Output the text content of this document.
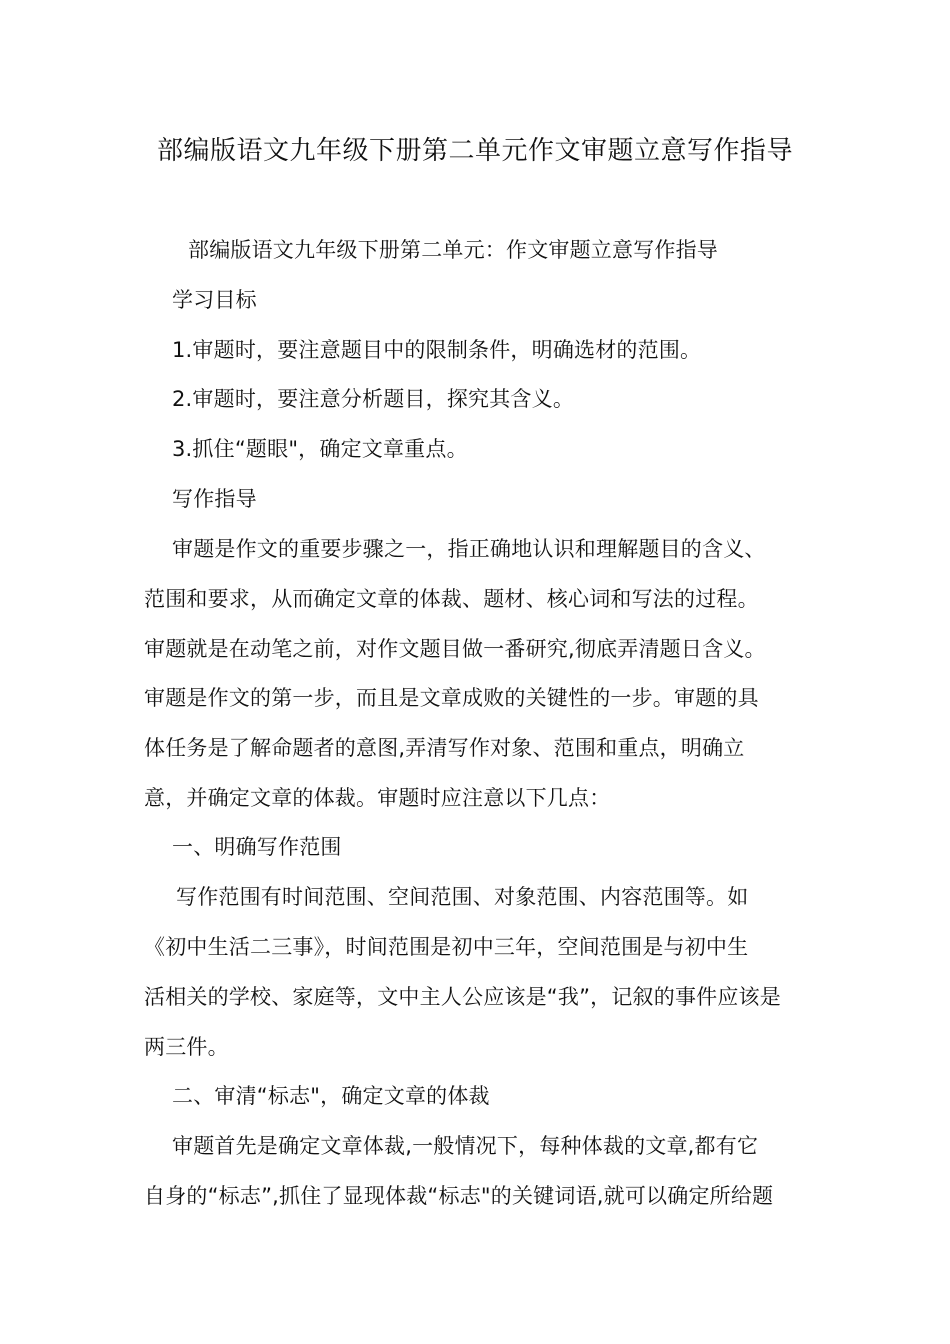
部编版语文九年级下册第二单元作文审题立意写作指导
部编版语文九年级下册第二单元：作文审题立意写作指导
学习目标
1.审题时，要注意题目中的限制条件，明确选材的范围。
2.审题时，要注意分析题目，探究其含义。
3.抓住“题眼"，确定文章重点。
写作指导
审题是作文的重要步骤之一，指正确地认识和理解题目的含义、
范围和要求，从而确定文章的体裁、题材、核心词和写法的过程。
审题就是在动笔之前，对作文题目做一番研究,彻底弄清题日含义。
审题是作文的第一步，而且是文章成败的关键性的一步。审题的具
体任务是了解命题者的意图,弄清写作对象、范围和重点，明确立
意，并确定文章的体裁。审题时应注意以下几点：
一、明确写作范围
写作范围有时间范围、空间范围、对象范围、内容范围等。如
《初中生活二三事》，时间范围是初中三年，空间范围是与初中生
活相关的学校、家庭等，文中主人公应该是“我”，记叙的事件应该是
两三件。
二、审清“标志"，确定文章的体裁
审题首先是确定文章体裁,一般情况下，每种体裁的文章,都有它
自身的“标志”,抓住了显现体裁“标志"的关键词语,就可以确定所给题
